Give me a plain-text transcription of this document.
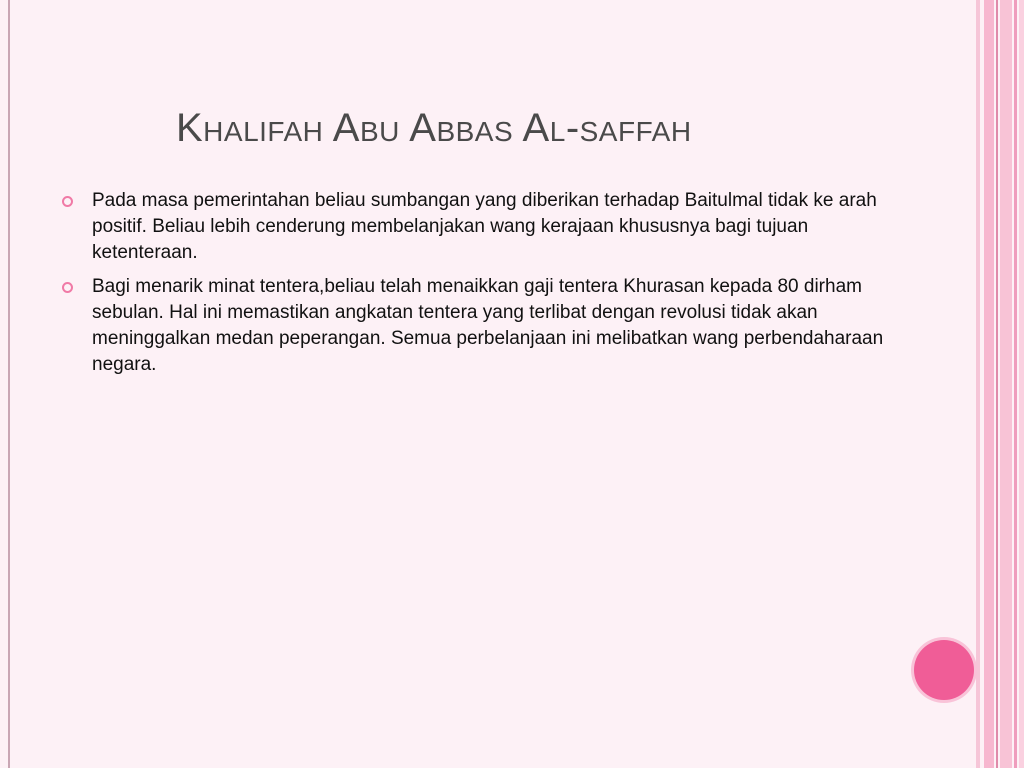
Khalifah Abu Abbas Al-saffah
Pada masa pemerintahan beliau sumbangan yang diberikan terhadap Baitulmal tidak ke arah positif. Beliau lebih cenderung membelanjakan wang kerajaan khususnya bagi tujuan ketenteraan.
Bagi menarik minat tentera,beliau telah menaikkan gaji tentera Khurasan kepada 80 dirham sebulan. Hal ini memastikan angkatan tentera yang terlibat dengan revolusi tidak akan meninggalkan medan peperangan. Semua perbelanjaan ini melibatkan wang perbendaharaan negara.
